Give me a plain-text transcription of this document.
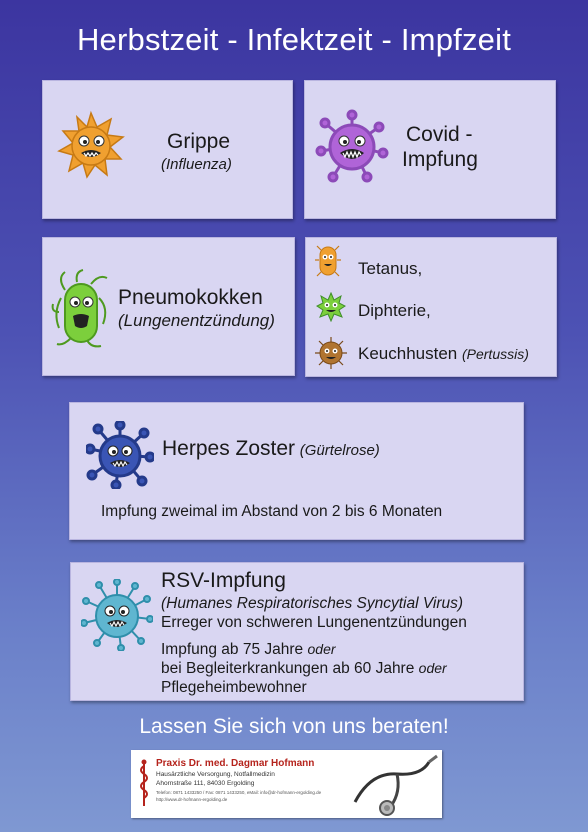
Herbstzeit - Infektzeit - Impfzeit
Grippe
(Influenza)
Covid -
Impfung
Pneumokokken
(Lungenentzündung)
Tetanus,
Diphterie,
Keuchhusten (Pertussis)
Herpes Zoster (Gürtelrose)
Impfung zweimal im Abstand von 2 bis 6 Monaten
RSV-Impfung
(Humanes Respiratorisches Syncytial Virus)
Erreger von schweren Lungenentzündungen
Impfung ab 75 Jahre oder
bei Begleiterkrankungen ab 60 Jahre oder
Pflegeheimbewohner
Lassen Sie sich von uns beraten!
Praxis Dr. med. Dagmar Hofmann
Hausärztliche Versorgung, Notfallmedizin
Ahornstraße 111, 84030 Ergolding
Telefon: 0871 1433250 / Fax: 0871 1433250, eMail: info@dr-hofmann-ergolding.de
http://www.dr-hofmann-ergolding.de
